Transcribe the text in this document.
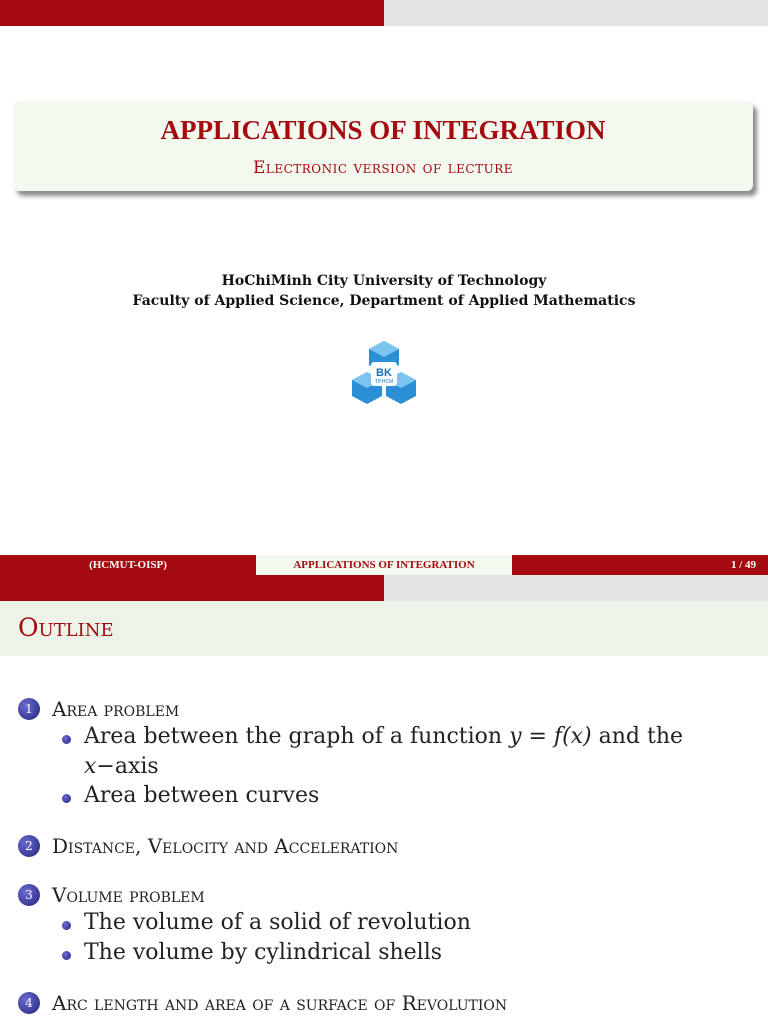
APPLICATIONS OF INTEGRATION
Electronic version of lecture
HoChiMinh City University of Technology
Faculty of Applied Science, Department of Applied Mathematics
BK
TP.HCM
(HCMUT-OISP)	APPLICATIONS OF INTEGRATION	1 / 49
Outline
1 Area problem
Area between the graph of a function y = f(x) and the
x−axis
Area between curves
2 Distance, Velocity and Acceleration
3 Volume problem
The volume of a solid of revolution
The volume by cylindrical shells
4 Arc length and area of a surface of Revolution
